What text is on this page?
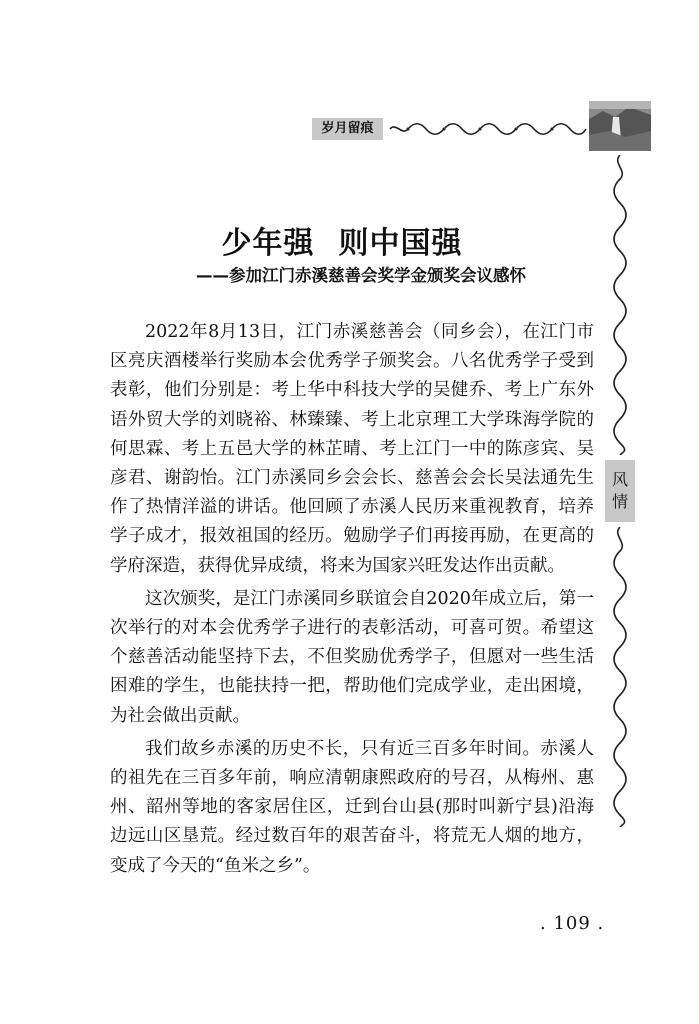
岁月留痕
风
情
少年强 则中国强
——参加江门赤溪慈善会奖学金颁奖会议感怀

2022年8月13日，江门赤溪慈善会（同乡会），在江门市区亮庆酒楼举行奖励本会优秀学子颁奖会。八名优秀学子受到表彰，他们分别是：考上华中科技大学的吴健乔、考上广东外语外贸大学的刘晓裕、林臻臻、考上北京理工大学珠海学院的何思霖、考上五邑大学的林芷晴、考上江门一中的陈彦宾、吴彦君、谢韵怡。江门赤溪同乡会会长、慈善会会长吴法通先生作了热情洋溢的讲话。他回顾了赤溪人民历来重视教育，培养学子成才，报效祖国的经历。勉励学子们再接再励，在更高的学府深造，获得优异成绩，将来为国家兴旺发达作出贡献。

这次颁奖，是江门赤溪同乡联谊会自2020年成立后，第一次举行的对本会优秀学子进行的表彰活动，可喜可贺。希望这个慈善活动能坚持下去，不但奖励优秀学子，但愿对一些生活困难的学生，也能扶持一把，帮助他们完成学业，走出困境，为社会做出贡献。

我们故乡赤溪的历史不长，只有近三百多年时间。赤溪人的祖先在三百多年前，响应清朝康熙政府的号召，从梅州、惠州、韶州等地的客家居住区，迁到台山县(那时叫新宁县)沿海边远山区垦荒。经过数百年的艰苦奋斗，将荒无人烟的地方，变成了今天的“鱼米之乡”。

. 109 .
